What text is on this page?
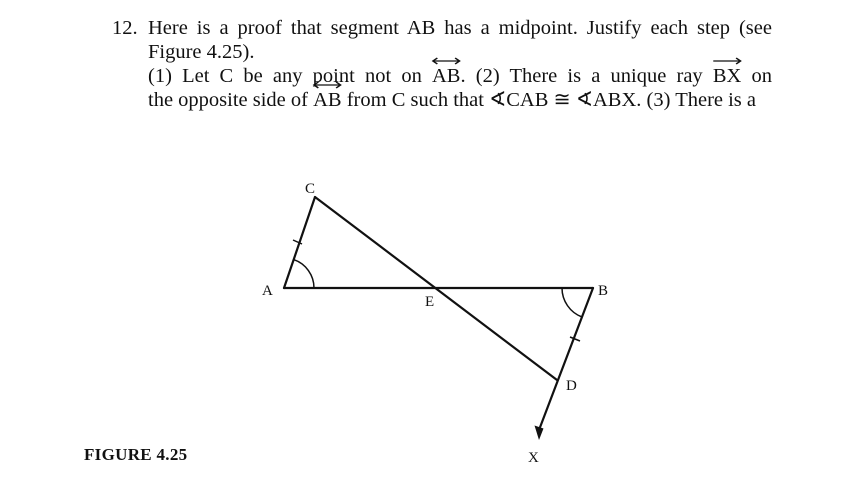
12. Here is a proof that segment AB has a midpoint. Justify each step (see
Figure 4.25).
(1) Let C be any point not on
AB. (2) There is a unique ray
BX on
the opposite side of
AB from C such that ∢CAB ≅ ∢ABX. (3) There is a
C
A
E
B
D
X
FIGURE 4.25
